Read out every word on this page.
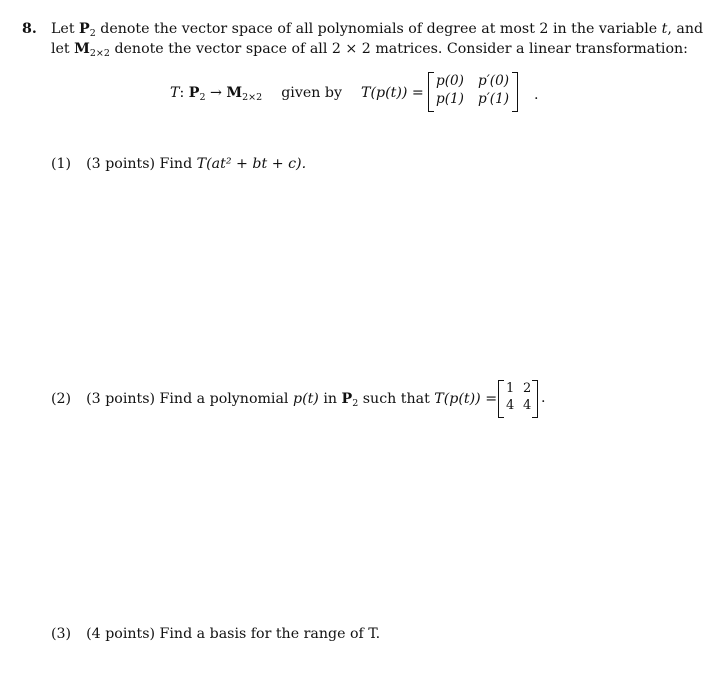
8. Let $P_2$ denote the vector space of all polynomials of degree at most 2 in the variable t, and
let $M_{2\times 2}$ denote the vector space of all 2 × 2 matrices. Consider a linear transformation:
T: $P_2 \to M_{2\times 2}$ given by T(p(t)) =
p(0) p′(0)
p(1) p′(1) .
(1) (3 points) Find T(at² + bt + c).
(2) (3 points) Find a polynomial p(t) in $P_2$ such that T(p(t)) =
1 2
4 4 .
(3) (4 points) Find a basis for the range of T.
